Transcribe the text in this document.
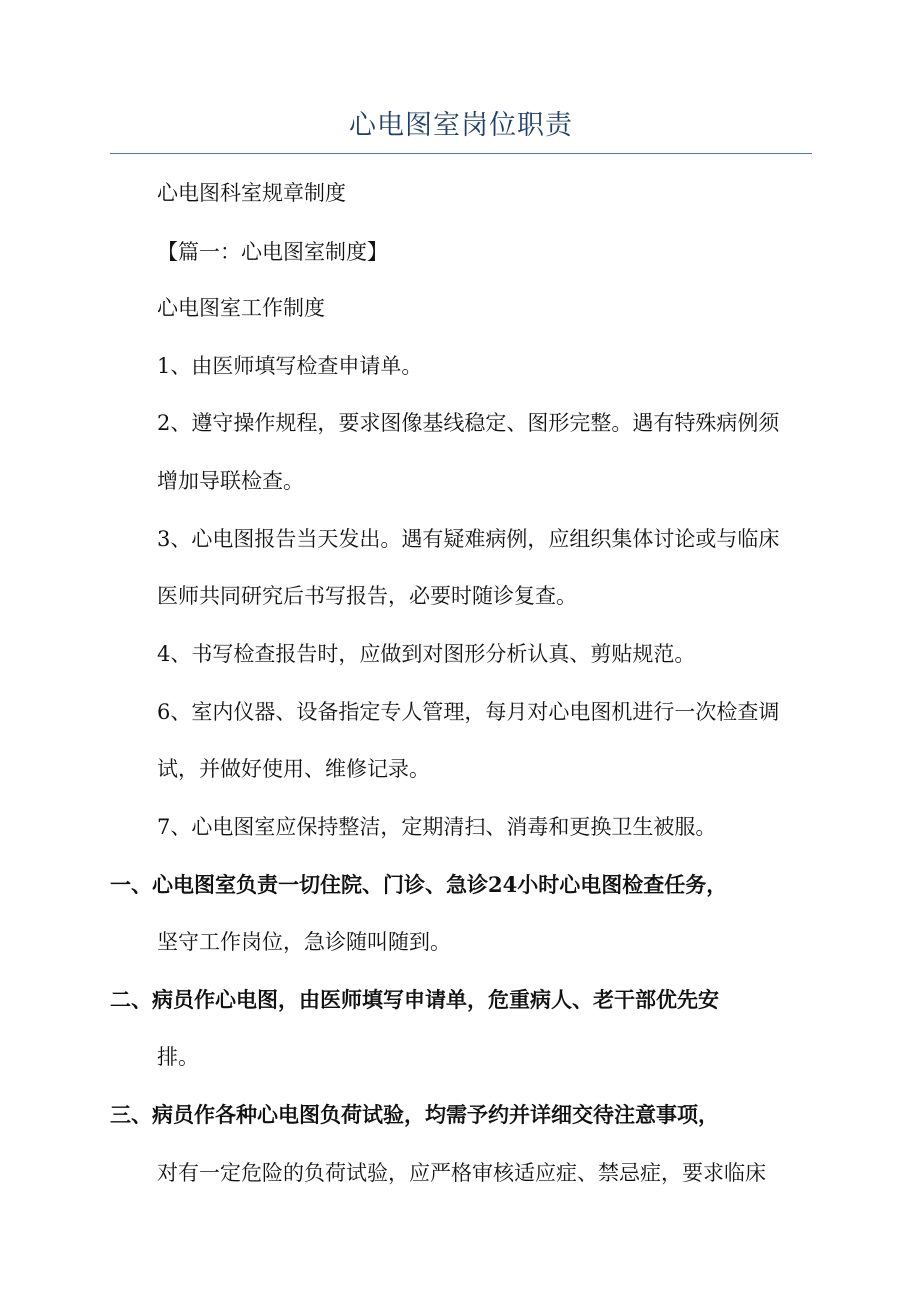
心电图室岗位职责
心电图科室规章制度
【篇一：心电图室制度】
心电图室工作制度
1、由医师填写检查申请单。
2、遵守操作规程，要求图像基线稳定、图形完整。遇有特殊病例须
增加导联检查。
3、心电图报告当天发出。遇有疑难病例，应组织集体讨论或与临床
医师共同研究后书写报告，必要时随诊复查。
4、书写检查报告时，应做到对图形分析认真、剪贴规范。
6、室内仪器、设备指定专人管理，每月对心电图机进行一次检查调
试，并做好使用、维修记录。
7、心电图室应保持整洁，定期清扫、消毒和更换卫生被服。
一、心电图室负责一切住院、门诊、急诊24小时心电图检查任务，
坚守工作岗位，急诊随叫随到。
二、病员作心电图，由医师填写申请单，危重病人、老干部优先安
排。
三、病员作各种心电图负荷试验，均需予约并详细交待注意事项，
对有一定危险的负荷试验，应严格审核适应症、禁忌症，要求临床
